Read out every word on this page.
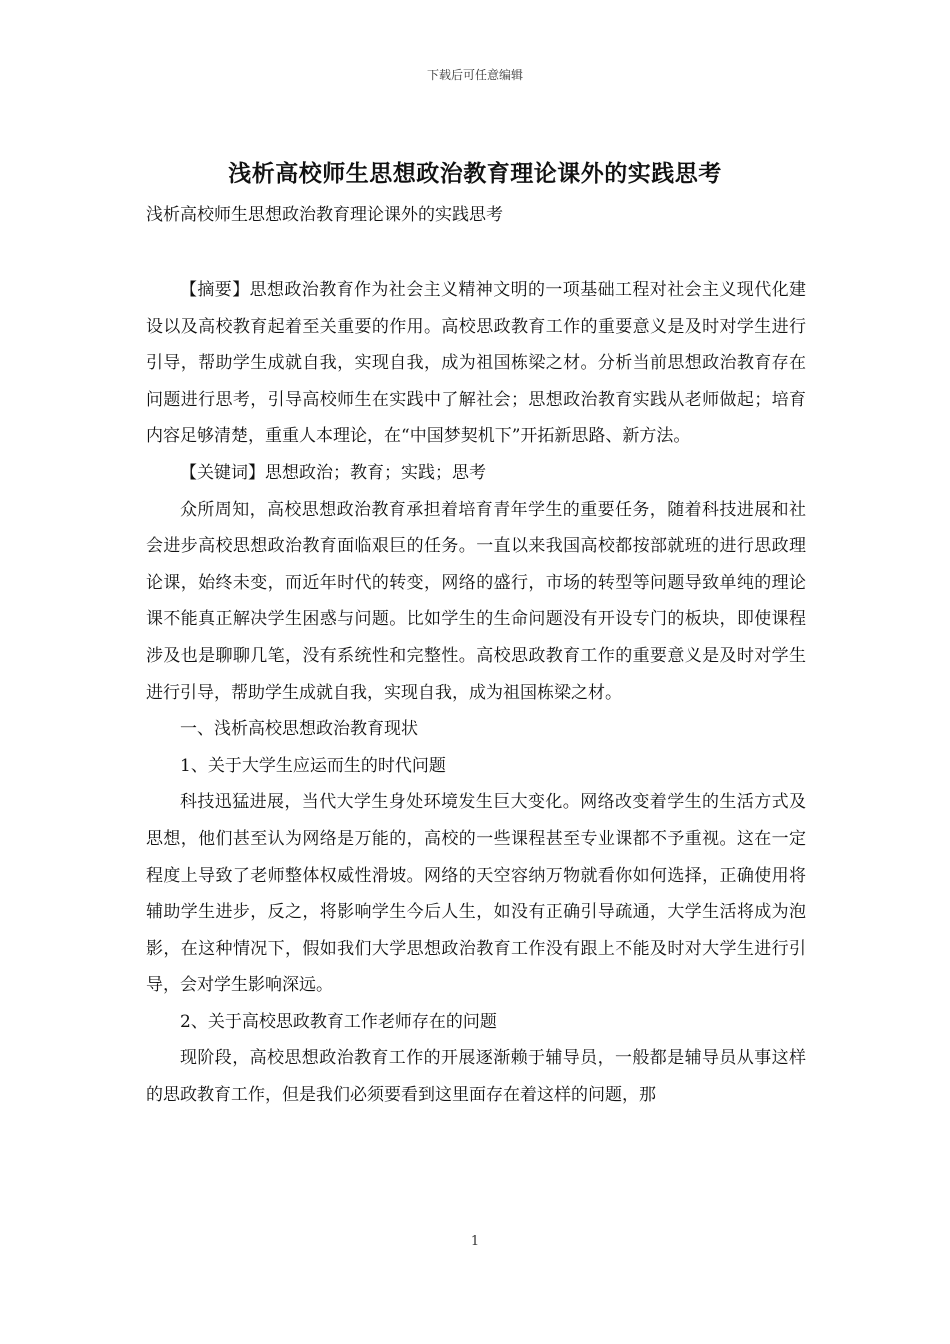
下载后可任意编辑
浅析高校师生思想政治教育理论课外的实践思考
浅析高校师生思想政治教育理论课外的实践思考

【摘要】思想政治教育作为社会主义精神文明的一项基础工程对社会主义现代化建设以及高校教育起着至关重要的作用。高校思政教育工作的重要意义是及时对学生进行引导，帮助学生成就自我，实现自我，成为祖国栋梁之材。分析当前思想政治教育存在问题进行思考，引导高校师生在实践中了解社会；思想政治教育实践从老师做起；培育内容足够清楚，重重人本理论，在“中国梦契机下”开拓新思路、新方法。

【关键词】思想政治；教育；实践；思考

众所周知，高校思想政治教育承担着培育青年学生的重要任务，随着科技进展和社会进步高校思想政治教育面临艰巨的任务。一直以来我国高校都按部就班的进行思政理论课，始终未变，而近年时代的转变，网络的盛行，市场的转型等问题导致单纯的理论课不能真正解决学生困惑与问题。比如学生的生命问题没有开设专门的板块，即使课程涉及也是聊聊几笔，没有系统性和完整性。高校思政教育工作的重要意义是及时对学生进行引导，帮助学生成就自我，实现自我，成为祖国栋梁之材。

一、浅析高校思想政治教育现状

1、关于大学生应运而生的时代问题

科技迅猛进展，当代大学生身处环境发生巨大变化。网络改变着学生的生活方式及思想，他们甚至认为网络是万能的，高校的一些课程甚至专业课都不予重视。这在一定程度上导致了老师整体权威性滑坡。网络的天空容纳万物就看你如何选择，正确使用将辅助学生进步，反之，将影响学生今后人生，如没有正确引导疏通，大学生活将成为泡影，在这种情况下，假如我们大学思想政治教育工作没有跟上不能及时对大学生进行引导，会对学生影响深远。

2、关于高校思政教育工作老师存在的问题

现阶段，高校思想政治教育工作的开展逐渐赖于辅导员，一般都是辅导员从事这样的思政教育工作，但是我们必须要看到这里面存在着这样的问题，那

1
